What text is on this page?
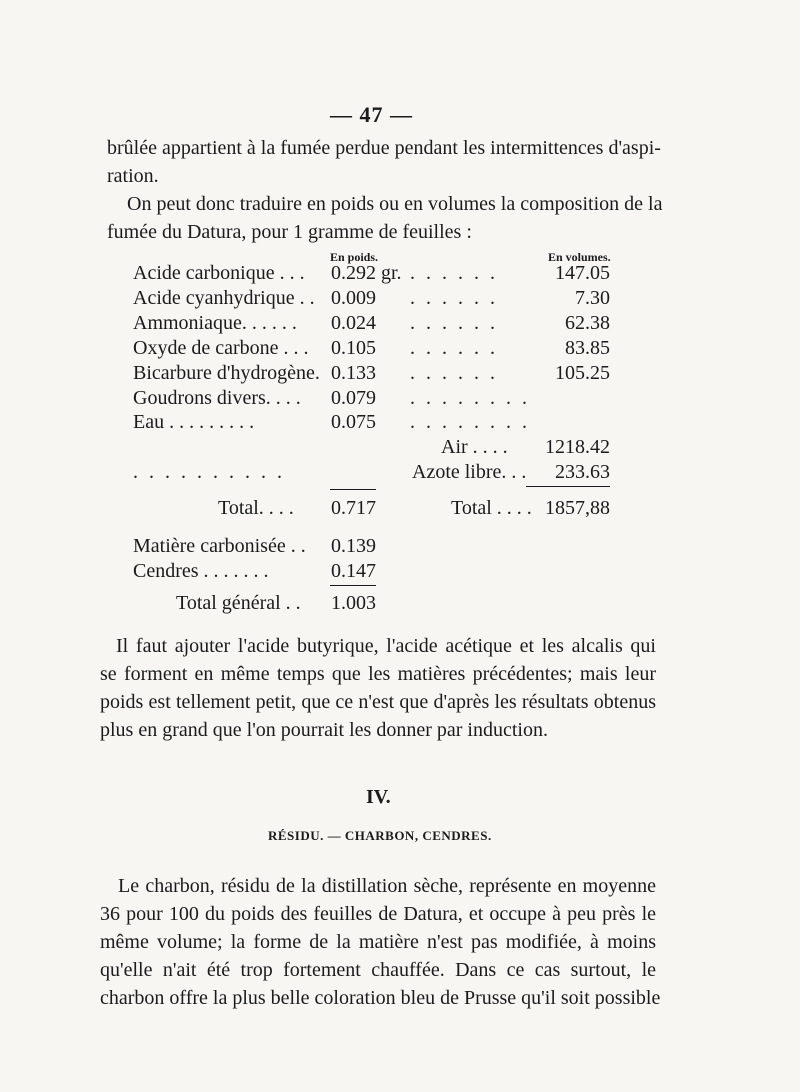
— 47 —
brûlée appartient à la fumée perdue pendant les intermittences d'aspi-
ration.
On peut donc traduire en poids ou en volumes la composition de la
fumée du Datura, pour 1 gramme de feuilles :
En poids.	En volumes.
Acide carbonique . . . 0.292 gr. . . . . . .	147.05
Acide cyanhydrique . . 0.009 . . . . . .	7.30
Ammoniaque. . . . . . 0.024 . . . . . .	62.38
Oxyde de carbone . . . 0.105 . . . . . .	83.85
Bicarbure d'hydrogène. 0.133 . . . . . .	105.25
Goudrons divers. . . . 0.079 . . . . . . . .
Eau . . . . . . . . .	0.075 . . . . . . . .
Air . . . . 1218.42
. . . . . . . . . .	Azote libre. . . 233.63
Total. . . . 0.717	Total . . . . 1857,88
Matière carbonisée . . 0.139
Cendres . . . . . . .	0.147
Total général . . 1.003
Il faut ajouter l'acide butyrique, l'acide acétique et les alcalis qui
se forment en même temps que les matières précédentes; mais leur
poids est tellement petit, que ce n'est que d'après les résultats obtenus
plus en grand que l'on pourrait les donner par induction.
IV.
RÉSIDU. — CHARBON, CENDRES.
Le charbon, résidu de la distillation sèche, représente en moyenne
36 pour 100 du poids des feuilles de Datura, et occupe à peu près le
même volume; la forme de la matière n'est pas modifiée, à moins
qu'elle n'ait été trop fortement chauffée. Dans ce cas surtout, le
charbon offre la plus belle coloration bleu de Prusse qu'il soit possible
